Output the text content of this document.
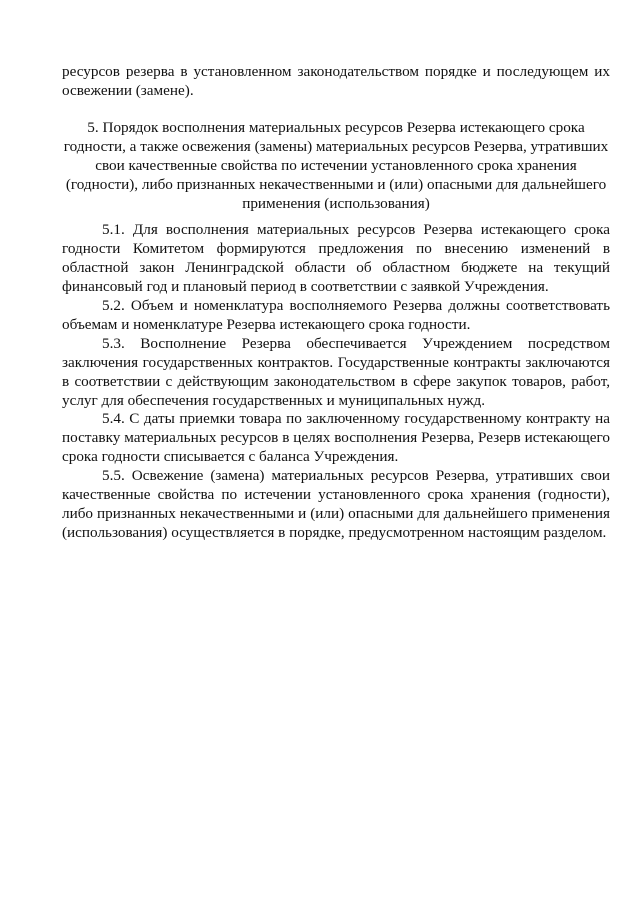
ресурсов резерва в установленном законодательством порядке и последующем их освежении (замене).

5. Порядок восполнения материальных ресурсов Резерва истекающего срока годности, а также освежения (замены) материальных ресурсов Резерва, утративших свои качественные свойства по истечении установленного срока хранения (годности), либо признанных некачественными и (или) опасными для дальнейшего применения (использования)

5.1. Для восполнения материальных ресурсов Резерва истекающего срока годности Комитетом формируются предложения по внесению изменений в областной закон Ленинградской области об областном бюджете на текущий финансовый год и плановый период в соответствии с заявкой Учреждения.

5.2. Объем и номенклатура восполняемого Резерва должны соответствовать объемам и номенклатуре Резерва истекающего срока годности.

5.3. Восполнение Резерва обеспечивается Учреждением посредством заключения государственных контрактов. Государственные контракты заключаются в соответствии с действующим законодательством в сфере закупок товаров, работ, услуг для обеспечения государственных и муниципальных нужд.

5.4. С даты приемки товара по заключенному государственному контракту на поставку материальных ресурсов в целях восполнения Резерва, Резерв истекающего срока годности списывается с баланса Учреждения.

5.5. Освежение (замена) материальных ресурсов Резерва, утративших свои качественные свойства по истечении установленного срока хранения (годности), либо признанных некачественными и (или) опасными для дальнейшего применения (использования) осуществляется в порядке, предусмотренном настоящим разделом.
